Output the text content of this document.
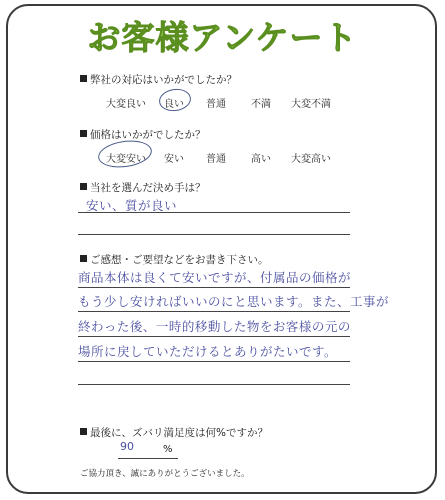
お客様アンケート
弊社の対応はいかがでしたか？
大変良い 良い 普通	不満 大変不満
価格はいかがでしたか？
大変安い 安い 普通	高い 大変高い
当社を選んだ決め手は？
安い、質が良い
ご感想・ご要望などをお書き下さい。
商品本体は良くて安いですが、付属品の価格が
もう少し安ければいいのにと思います。また、工事が
終わった後、一時的移動した物をお客様の元の
場所に戻していただけるとありがたいです。
最後に、ズバリ満足度は何%ですか？
90	%
ご協力頂き、誠にありがとうございました。
